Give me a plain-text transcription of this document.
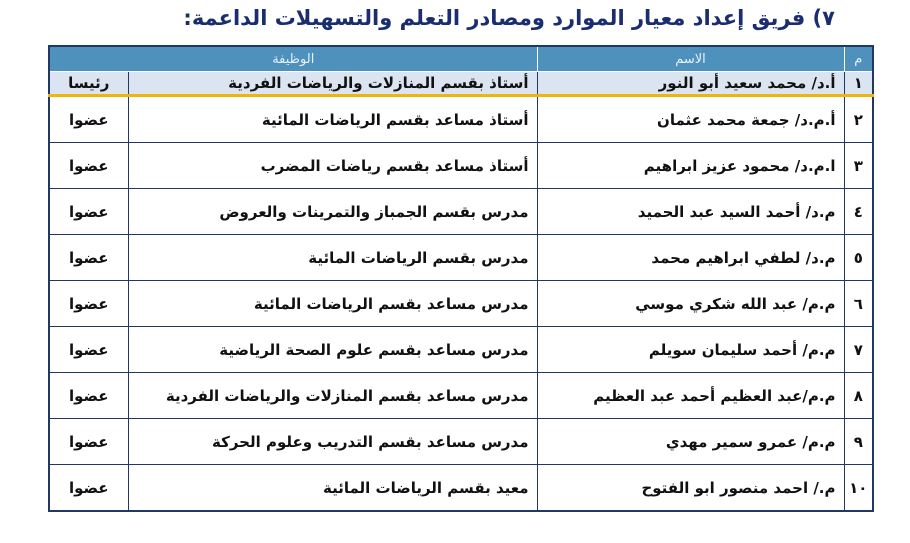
٧) فريق إعداد معيار الموارد ومصادر التعلم والتسهيلات الداعمة:
م	الاسم	الوظيفة	
١	أ.د/ محمد سعيد أبو النور	أستاذ بقسم المنازلات والرياضات الفردية	رئيسا
٢	أ.م.د/ جمعة محمد عثمان	أستاذ مساعد بقسم الرياضات المائية	عضوا
٣	ا.م.د/ محمود عزيز ابراهيم	أستاذ مساعد بقسم رياضات المضرب	عضوا
٤	م.د/ أحمد السيد عبد الحميد	مدرس بقسم الجمباز والتمرينات والعروض	عضوا
٥	م.د/ لطفي ابراهيم محمد	مدرس بقسم الرياضات المائية	عضوا
٦	م.م/ عبد الله شكري موسي	مدرس مساعد بقسم الرياضات المائية	عضوا
٧	م.م/ أحمد سليمان سويلم	مدرس مساعد بقسم علوم الصحة الرياضية	عضوا
٨	م.م/عبد العظيم أحمد عبد العظيم	مدرس مساعد بقسم المنازلات والرياضات الفردية	عضوا
٩	م.م/ عمرو سمير مهدي	مدرس مساعد بقسم التدريب وعلوم الحركة	عضوا
١٠	م./ احمد منصور ابو الفتوح	معيد بقسم الرياضات المائية	عضوا
